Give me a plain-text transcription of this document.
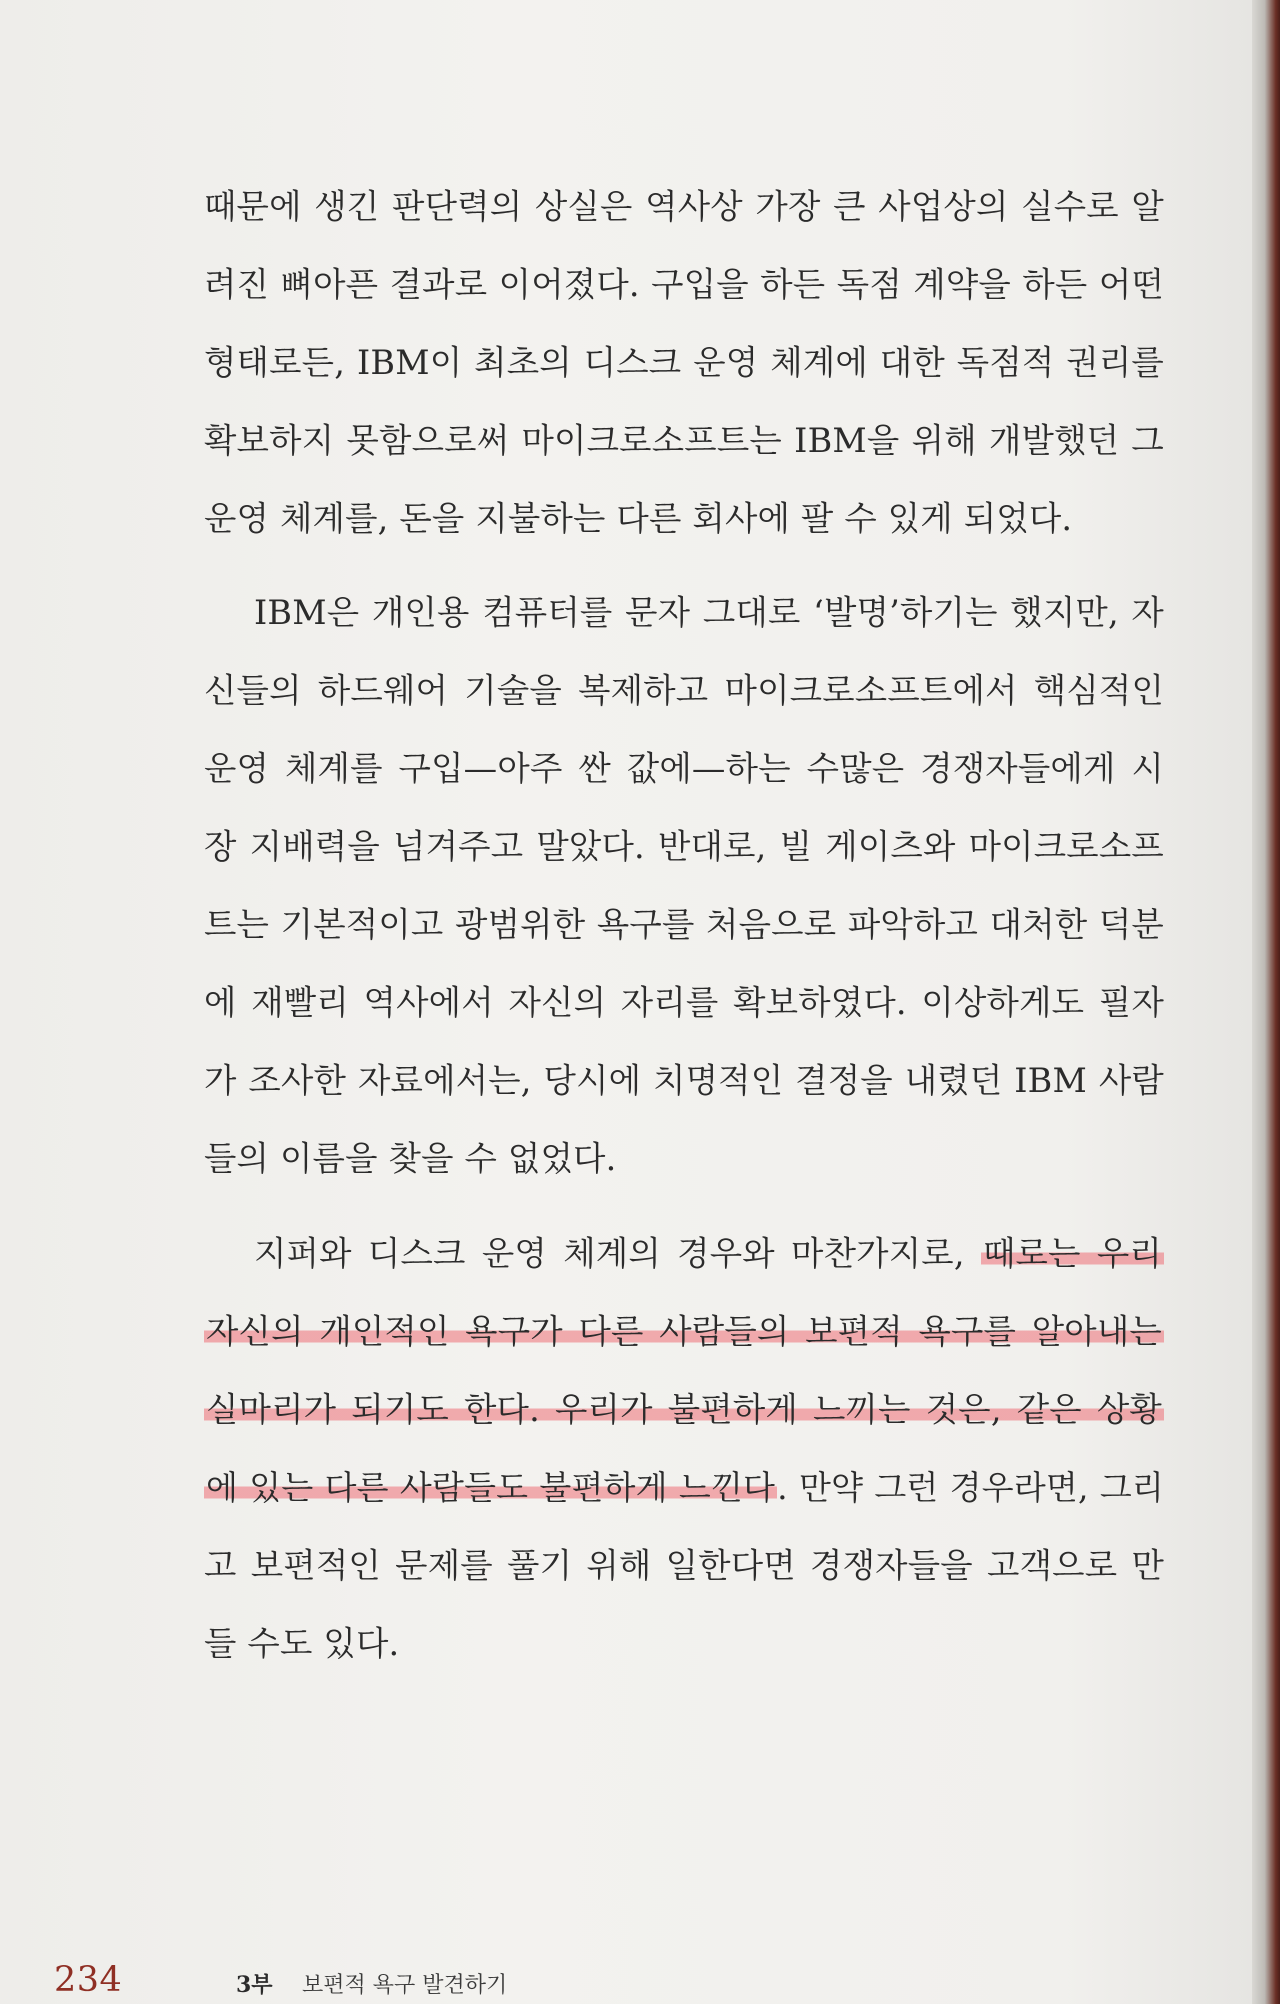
때문에 생긴 판단력의 상실은 역사상 가장 큰 사업상의 실수로 알
려진 뼈아픈 결과로 이어졌다. 구입을 하든 독점 계약을 하든 어떤
형태로든, IBM이 최초의 디스크 운영 체계에 대한 독점적 권리를
확보하지 못함으로써 마이크로소프트는 IBM을 위해 개발했던 그
운영 체계를, 돈을 지불하는 다른 회사에 팔 수 있게 되었다.
IBM은 개인용 컴퓨터를 문자 그대로 ‘발명’하기는 했지만, 자
신들의 하드웨어 기술을 복제하고 마이크로소프트에서 핵심적인
운영 체계를 구입—아주 싼 값에—하는 수많은 경쟁자들에게 시
장 지배력을 넘겨주고 말았다. 반대로, 빌 게이츠와 마이크로소프
트는 기본적이고 광범위한 욕구를 처음으로 파악하고 대처한 덕분
에 재빨리 역사에서 자신의 자리를 확보하였다. 이상하게도 필자
가 조사한 자료에서는, 당시에 치명적인 결정을 내렸던 IBM 사람
들의 이름을 찾을 수 없었다.
지퍼와 디스크 운영 체계의 경우와 마찬가지로, 때로는 우리
자신의 개인적인 욕구가 다른 사람들의 보편적 욕구를 알아내는
실마리가 되기도 한다. 우리가 불편하게 느끼는 것은, 같은 상황
에 있는 다른 사람들도 불편하게 느낀다. 만약 그런 경우라면, 그리
고 보편적인 문제를 풀기 위해 일한다면 경쟁자들을 고객으로 만
들 수도 있다.
234	3부 보편적 욕구 발견하기
